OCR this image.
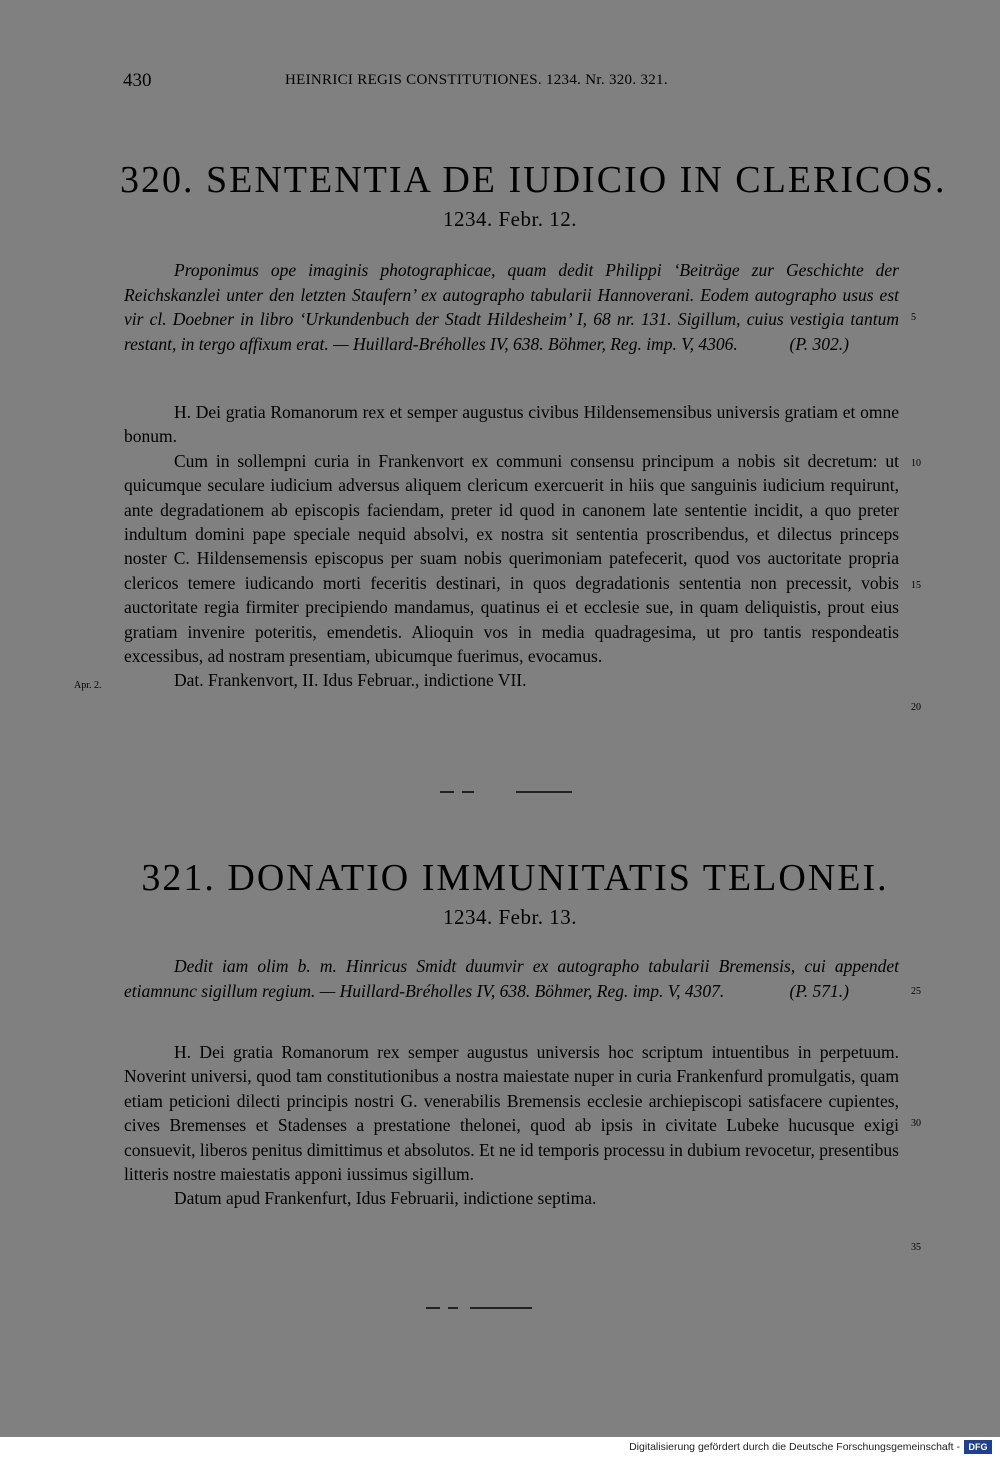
430	HEINRICI REGIS CONSTITUTIONES. 1234. Nr. 320. 321.
320. SENTENTIA DE IUDICIO IN CLERICOS.
1234. Febr. 12.
Proponimus ope imaginis photographicae, quam dedit Philippi ‘Beiträge zur Geschichte der Reichskanzlei unter den letzten Staufern’ ex autographo tabularii Hannoverani. Eodem autographo usus est vir cl. Doebner in libro ‘Urkundenbuch der Stadt Hildesheim’ I, 68 nr. 131. Sigillum, cuius vestigia tantum restant, in tergo affixum erat. — Huillard-Bréholles IV, 638. Böhmer, Reg. imp. V, 4306.	(P. 302.)

H. Dei gratia Romanorum rex et semper augustus civibus Hildensemensibus universis gratiam et omne bonum.

Cum in sollempni curia in Frankenvort ex communi consensu principum a nobis sit decretum: ut quicumque seculare iudicium adversus aliquem clericum exercuerit in hiis que sanguinis iudicium requirunt, ante degradationem ab episcopis faciendam, preter id quod in canonem late sententie incidit, a quo preter indultum domini pape speciale nequid absolvi, ex nostra sit sententia proscribendus, et dilectus princeps noster C. Hildensemensis episcopus per suam nobis querimoniam patefecerit, quod vos auctoritate propria clericos temere iudicando morti feceritis destinari, in quos degradationis sententia non precessit, vobis auctoritate regia firmiter precipiendo mandamus, quatinus ei et ecclesie sue, in quam deliquistis, prout eius gratiam invenire poteritis, emendetis. Alioquin vos in media quadragesima, ut pro tantis respondeatis excessibus, ad nostram presentiam, ubicumque fuerimus, evocamus.

Dat. Frankenvort, II. Idus Februar., indictione VII.

Apr. 2.
5
10
15
20
321. DONATIO IMMUNITATIS TELONEI.
1234. Febr. 13.
Dedit iam olim b. m. Hinricus Smidt duumvir ex autographo tabularii Bremensis, cui appendet etiamnunc sigillum regium. — Huillard-Bréholles IV, 638. Böhmer, Reg. imp. V, 4307.	(P. 571.)

H. Dei gratia Romanorum rex semper augustus universis hoc scriptum intuentibus in perpetuum. Noverint universi, quod tam constitutionibus a nostra maiestate nuper in curia Frankenfurd promulgatis, quam etiam peticioni dilecti principis nostri G. venerabilis Bremensis ecclesie archiepiscopi satisfacere cupientes, cives Bremenses et Stadenses a prestatione thelonei, quod ab ipsis in civitate Lubeke hucusque exigi consuevit, liberos penitus dimittimus et absolutos. Et ne id temporis processu in dubium revocetur, presentibus litteris nostre maiestatis apponi iussimus sigillum.

Datum apud Frankenfurt, Idus Februarii, indictione septima.

25
30
35
Digitalisierung gefördert durch die Deutsche Forschungsgemeinschaft - DFG
